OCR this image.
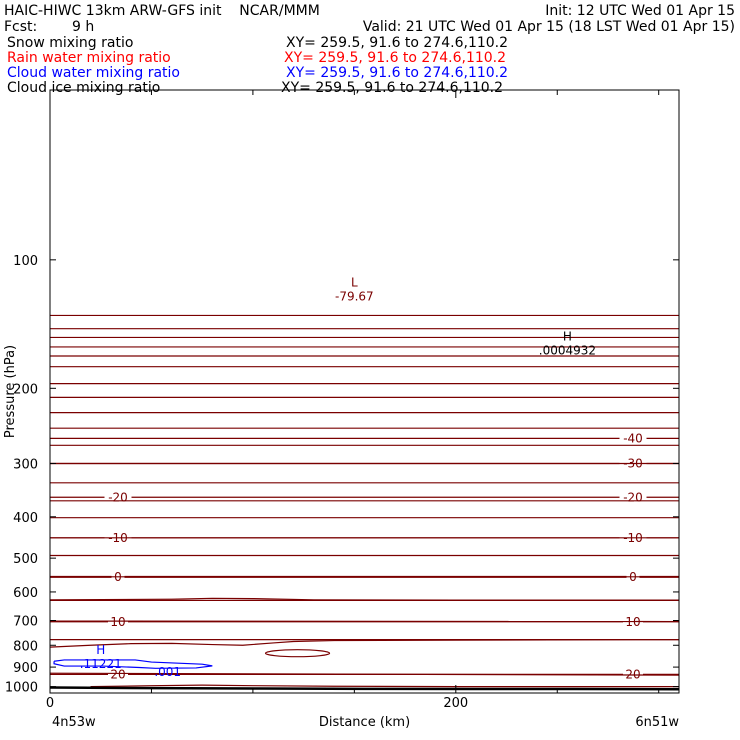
100
200
300
400
500
600
700
800
900
1000
0	200
Distance (km)
Pressure (hPa)
4n53w	6n51w
-40
-30
-20	-20
-10	-10
0	0
10	10
20	20
.001
L
-79.67
H
.0004932
H
.11221
HAIC-HIWC 13km ARW-GFS init    NCAR/MMM	Init: 12 UTC Wed 01 Apr 15
Fcst: 9 h	Valid: 21 UTC Wed 01 Apr 15 (18 LST Wed 01 Apr 15)
Snow mixing ratio	XY= 259.5, 91.6 to 274.6,110.2
Rain water mixing ratio	XY= 259.5, 91.6 to 274.6,110.2
Cloud water mixing ratio	XY= 259.5, 91.6 to 274.6,110.2
Cloud ice mixing ratio	XY= 259.5, 91.6 to 274.6,110.2
